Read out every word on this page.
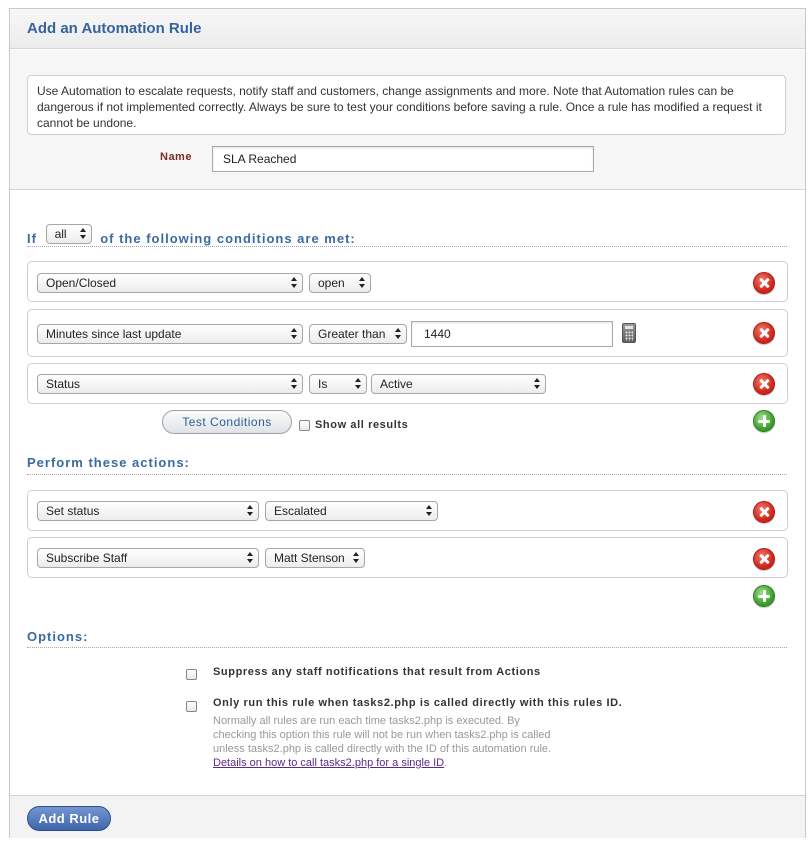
Add an Automation Rule
Use Automation to escalate requests, notify staff and customers, change assignments and more. Note that Automation rules can be dangerous if not implemented correctly. Always be sure to test your conditions before saving a rule. Once a rule has modified a request it cannot be undone.
Name	SLA Reached
If all	of the following conditions are met:
Open/Closed	open
Minutes since last update	Greater than	1440
Status	Is	Active
Test Conditions	Show all results
Perform these actions:
Set status	Escalated
Subscribe Staff	Matt Stenson
Options:
Suppress any staff notifications that result from Actions
Only run this rule when tasks2.php is called directly with this rules ID.
Normally all rules are run each time tasks2.php is executed. By checking this option this rule will not be run when tasks2.php is called unless tasks2.php is called directly with the ID of this automation rule.
Details on how to call tasks2.php for a single ID.
Add Rule
